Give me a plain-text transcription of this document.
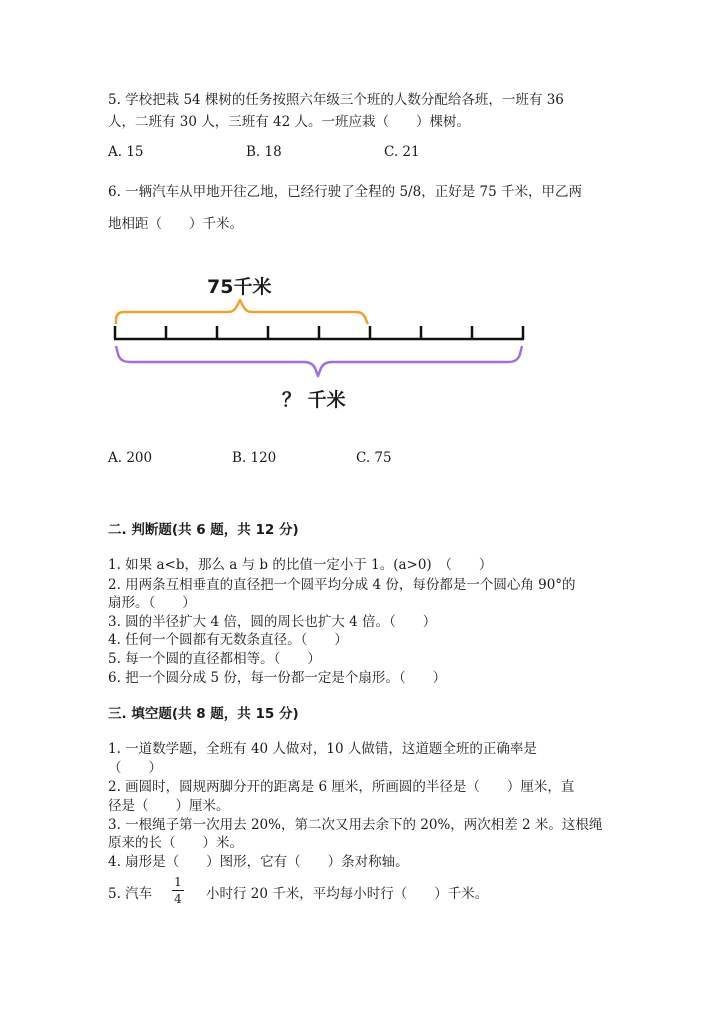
5. 学校把栽 54 棵树的任务按照六年级三个班的人数分配给各班，一班有 36
人，二班有 30 人，三班有 42 人。一班应栽（　　）棵树。
A. 15	B. 18	C. 21
6. 一辆汽车从甲地开往乙地，已经行驶了全程的 5/8，正好是 75 千米，甲乙两
地相距（　　）千米。
75千米
？ 千米
A. 200	B. 120	C. 75
二. 判断题(共 6 题，共 12 分)
1. 如果 a<b，那么 a 与 b 的比值一定小于 1。(a>0)　（　　）
2. 用两条互相垂直的直径把一个圆平均分成 4 份，每份都是一个圆心角 90°的
扇形。（　　）
3. 圆的半径扩大 4 倍，圆的周长也扩大 4 倍。（　　）
4. 任何一个圆都有无数条直径。（　　）
5. 每一个圆的直径都相等。（　　）
6. 把一个圆分成 5 份，每一份都一定是个扇形。（　　）
三. 填空题(共 8 题，共 15 分)
1. 一道数学题，全班有 40 人做对，10 人做错，这道题全班的正确率是
（　　）
2. 画圆时，圆规两脚分开的距离是 6 厘米，所画圆的半径是（　　）厘米，直
径是（　　）厘米。
3. 一根绳子第一次用去 20%，第二次又用去余下的 20%，两次相差 2 米。这根绳
原来的长（　　）米。
4. 扇形是（　　）图形，它有（　　）条对称轴。
5. 汽车
1
4	小时行 20 千米，平均每小时行（　　）千米。
